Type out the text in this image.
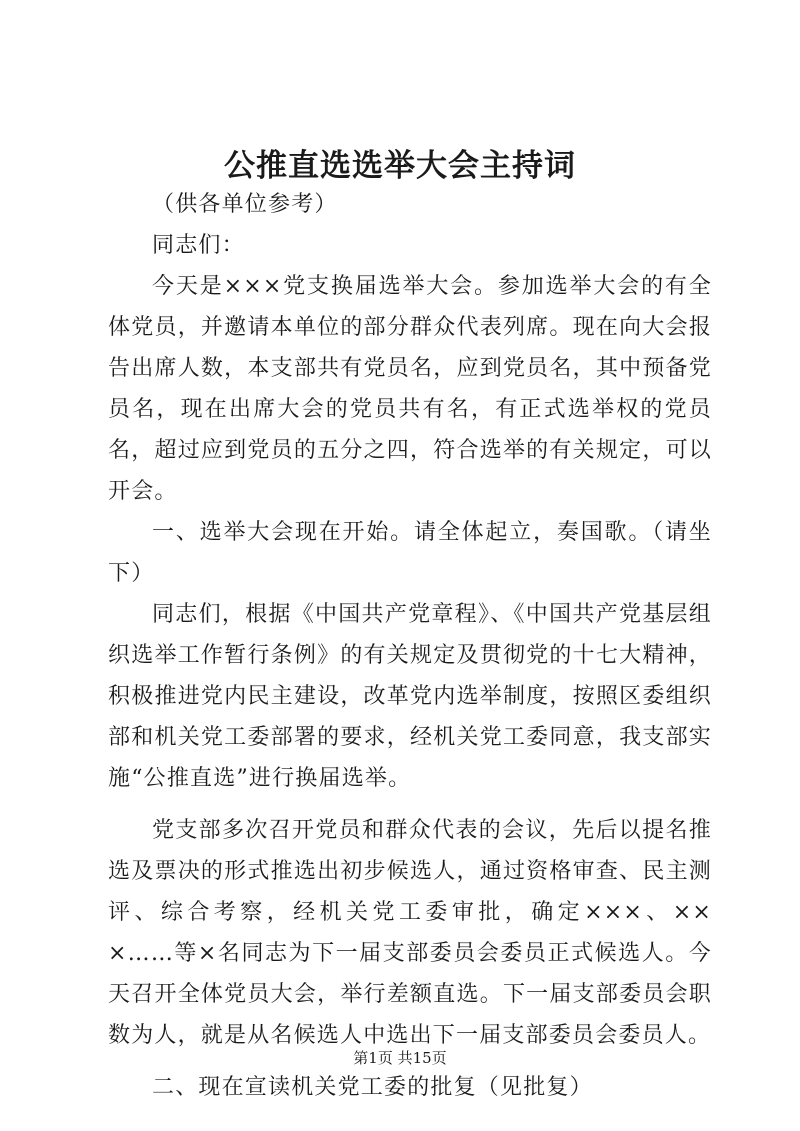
公推直选选举大会主持词

（供各单位参考）

同志们：

今天是×××党支换届选举大会。参加选举大会的有全体党员，并邀请本单位的部分群众代表列席。现在向大会报告出席人数，本支部共有党员名，应到党员名，其中预备党员名，现在出席大会的党员共有名，有正式选举权的党员名，超过应到党员的五分之四，符合选举的有关规定，可以开会。

一、选举大会现在开始。请全体起立，奏国歌。（请坐下）

同志们，根据《中国共产党章程》、《中国共产党基层组织选举工作暂行条例》的有关规定及贯彻党的十七大精神，积极推进党内民主建设，改革党内选举制度，按照区委组织部和机关党工委部署的要求，经机关党工委同意，我支部实施“公推直选”进行换届选举。

党支部多次召开党员和群众代表的会议，先后以提名推选及票决的形式推选出初步候选人，通过资格审查、民主测评、综合考察，经机关党工委审批，确定×××、×××……等×名同志为下一届支部委员会委员正式候选人。今天召开全体党员大会，举行差额直选。下一届支部委员会职数为人，就是从名候选人中选出下一届支部委员会委员人。

二、现在宣读机关党工委的批复（见批复）

第1页 共15页
